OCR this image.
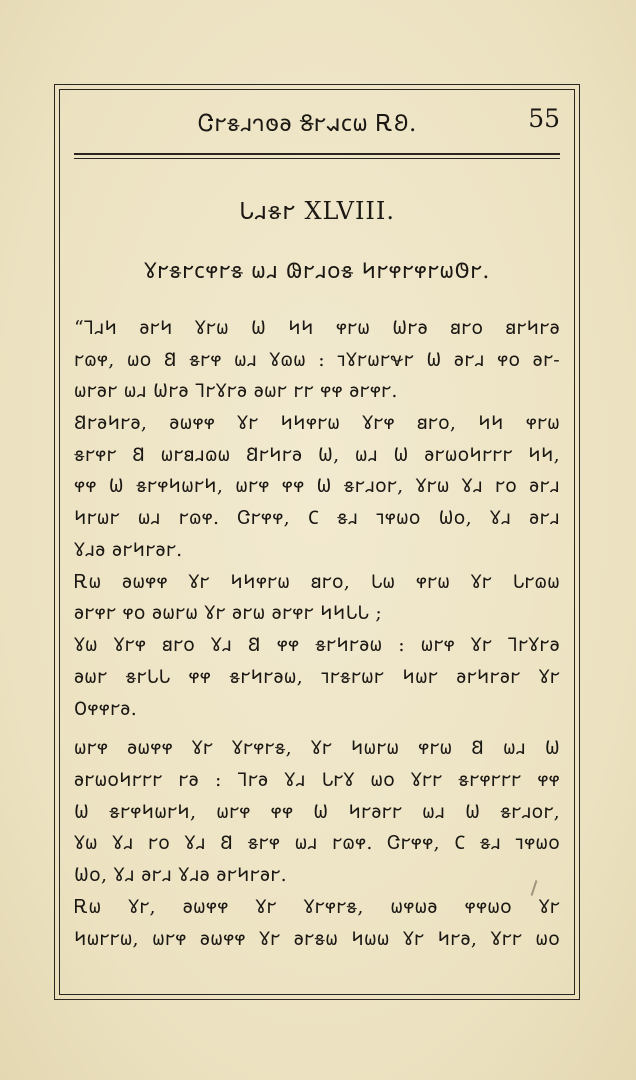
Ꮳ𐐲𐑅𐐯𐐻𐐫𐐨 𐐝𐐲𐐱𐐽𐐶 Ꭱ𐐂.	55
𐐢𐐯𐑅𐐲 XLVIII.
𐐜𐐲𐑅𐐲𐐽𐐸𐐲𐑅 𐐶𐐯 𐐘𐐲𐐯𐐬𐑅 𐐤𐐲𐐸𐐲𐐸𐐲𐐶𐐃𐐲.
“𐐑𐐯𐐤 𐐨𐐲𐐤 𐐜𐐲𐐶 𐐎 𐐤𐐤 𐐸𐐲𐐶 𐐎𐐲𐐨 𐐺𐐲𐐬 𐐺𐐲𐐤𐐲𐐨
𐐲𐐿𐐸, 𐐶𐐬 𐐒 𐑅𐐲𐐸 𐐶𐐯 𐐜𐐿𐐶 : 𐐹𐐜𐐲𐐶𐐲𐐷𐐲 𐐎 𐐨𐐲𐐯 𐐸𐐬 𐐨𐐲-
𐐶𐐲𐐨𐐲 𐐶𐐯 𐐎𐐲𐐨 𐐑𐐲𐐜𐐲𐐨 𐐨𐐶𐐲 𐐲𐐲 𐐸𐐸 𐐨𐐲𐐸𐐲.
𐐒𐐲𐐨𐐤𐐲𐐨, 𐐨𐐶𐐸𐐸 𐐜𐐲 𐐤𐐤𐐸𐐲𐐶 𐐜𐐲𐐸 𐐺𐐲𐐬, 𐐤𐐤 𐐸𐐲𐐶
𐑅𐐲𐐸𐐲 𐐒 𐐶𐐲𐐺𐐯𐐿𐐶 𐐒𐐲𐐤𐐲𐐨 𐐎, 𐐶𐐯 𐐎 𐐨𐐲𐐶𐐬𐐤𐐲𐐲𐐲 𐐤𐐤,
𐐸𐐸 𐐎 𐑅𐐲𐐸𐐤𐐶𐐲𐐤, 𐐶𐐲𐐸 𐐸𐐸 𐐎 𐑅𐐲𐐯𐐬𐐲, 𐐜𐐲𐐶 𐐜𐐯 𐐲𐐬 𐐨𐐲𐐯
𐐤𐐲𐐶𐐲 𐐶𐐯 𐐲𐐿𐐸. Ꮳ𐐲𐐸𐐸, 𐐕 𐑅𐐯 𐐹𐐸𐐶𐐬 𐐎𐐬, 𐐜𐐯 𐐨𐐲𐐯
𐐜𐐯𐐨 𐐨𐐲𐐤𐐲𐐨𐐲.
Ꭱ𐐶 𐐨𐐶𐐸𐐸 𐐜𐐲 𐐤𐐤𐐸𐐲𐐶 𐐺𐐲𐐬, 𐐢𐐶 𐐸𐐲𐐶 𐐜𐐲 𐐢𐐲𐐿𐐶
𐐨𐐲𐐸𐐲 𐐸𐐬 𐐨𐐶𐐲𐐶 𐐜𐐲 𐐨𐐲𐐶 𐐨𐐲𐐸𐐲 𐐤𐐤𐐢𐐢 ;
𐐜𐐶 𐐜𐐲𐐸 𐐺𐐲𐐬 𐐜𐐯 𐐒 𐐸𐐸 𐑅𐐲𐐤𐐲𐐨𐐶 : 𐐶𐐲𐐸 𐐜𐐲 𐐑𐐲𐐜𐐲𐐨
𐐨𐐶𐐲 𐑅𐐲𐐢𐐢 𐐸𐐸 𐑅𐐲𐐤𐐲𐐨𐐶, 𐐹𐐲𐑅𐐲𐐶𐐲 𐐤𐐶𐐲 𐐨𐐲𐐤𐐲𐐨𐐲 𐐜𐐲
𐐄𐐸𐐸𐐲𐐨.
𐐶𐐲𐐸 𐐨𐐶𐐸𐐸 𐐜𐐲 𐐜𐐲𐐸𐐲𐑅, 𐐜𐐲 𐐤𐐶𐐲𐐶 𐐸𐐲𐐶 𐐒 𐐶𐐯 𐐎
𐐨𐐲𐐶𐐬𐐤𐐲𐐲𐐲 𐐲𐐨 : 𐐑𐐲𐐨 𐐜𐐯 𐐢𐐲𐐜 𐐶𐐬 𐐜𐐲𐐲 𐑅𐐲𐐸𐐲𐐲𐐲 𐐸𐐸
𐐎 𐑅𐐲𐐸𐐤𐐶𐐲𐐤, 𐐶𐐲𐐸 𐐸𐐸 𐐎 𐐤𐐲𐐨𐐲𐐲 𐐶𐐯 𐐎 𐑅𐐲𐐯𐐬𐐲,
𐐜𐐶 𐐜𐐯 𐐲𐐬 𐐜𐐯 𐐒 𐑅𐐲𐐸 𐐶𐐯 𐐲𐐿𐐸. Ꮳ𐐲𐐸𐐸, 𐐕 𐑅𐐯 𐐹𐐸𐐶𐐬
𐐎𐐬, 𐐜𐐯 𐐨𐐲𐐯 𐐜𐐯𐐨 𐐨𐐲𐐤𐐲𐐨𐐲.
Ꭱ𐐶 𐐜𐐲, 𐐨𐐶𐐸𐐸 𐐜𐐲 𐐜𐐲𐐸𐐲𐑅, 𐐶𐐸𐐶𐐨 𐐸𐐸𐐶𐐬 𐐜𐐲
𐐤𐐶𐐲𐐲𐐶, 𐐶𐐲𐐸 𐐨𐐶𐐸𐐸 𐐜𐐲 𐐨𐐲𐑅𐐶 𐐤𐐶𐐶 𐐜𐐲 𐐤𐐲𐐨, 𐐜𐐲𐐲 𐐶𐐬
